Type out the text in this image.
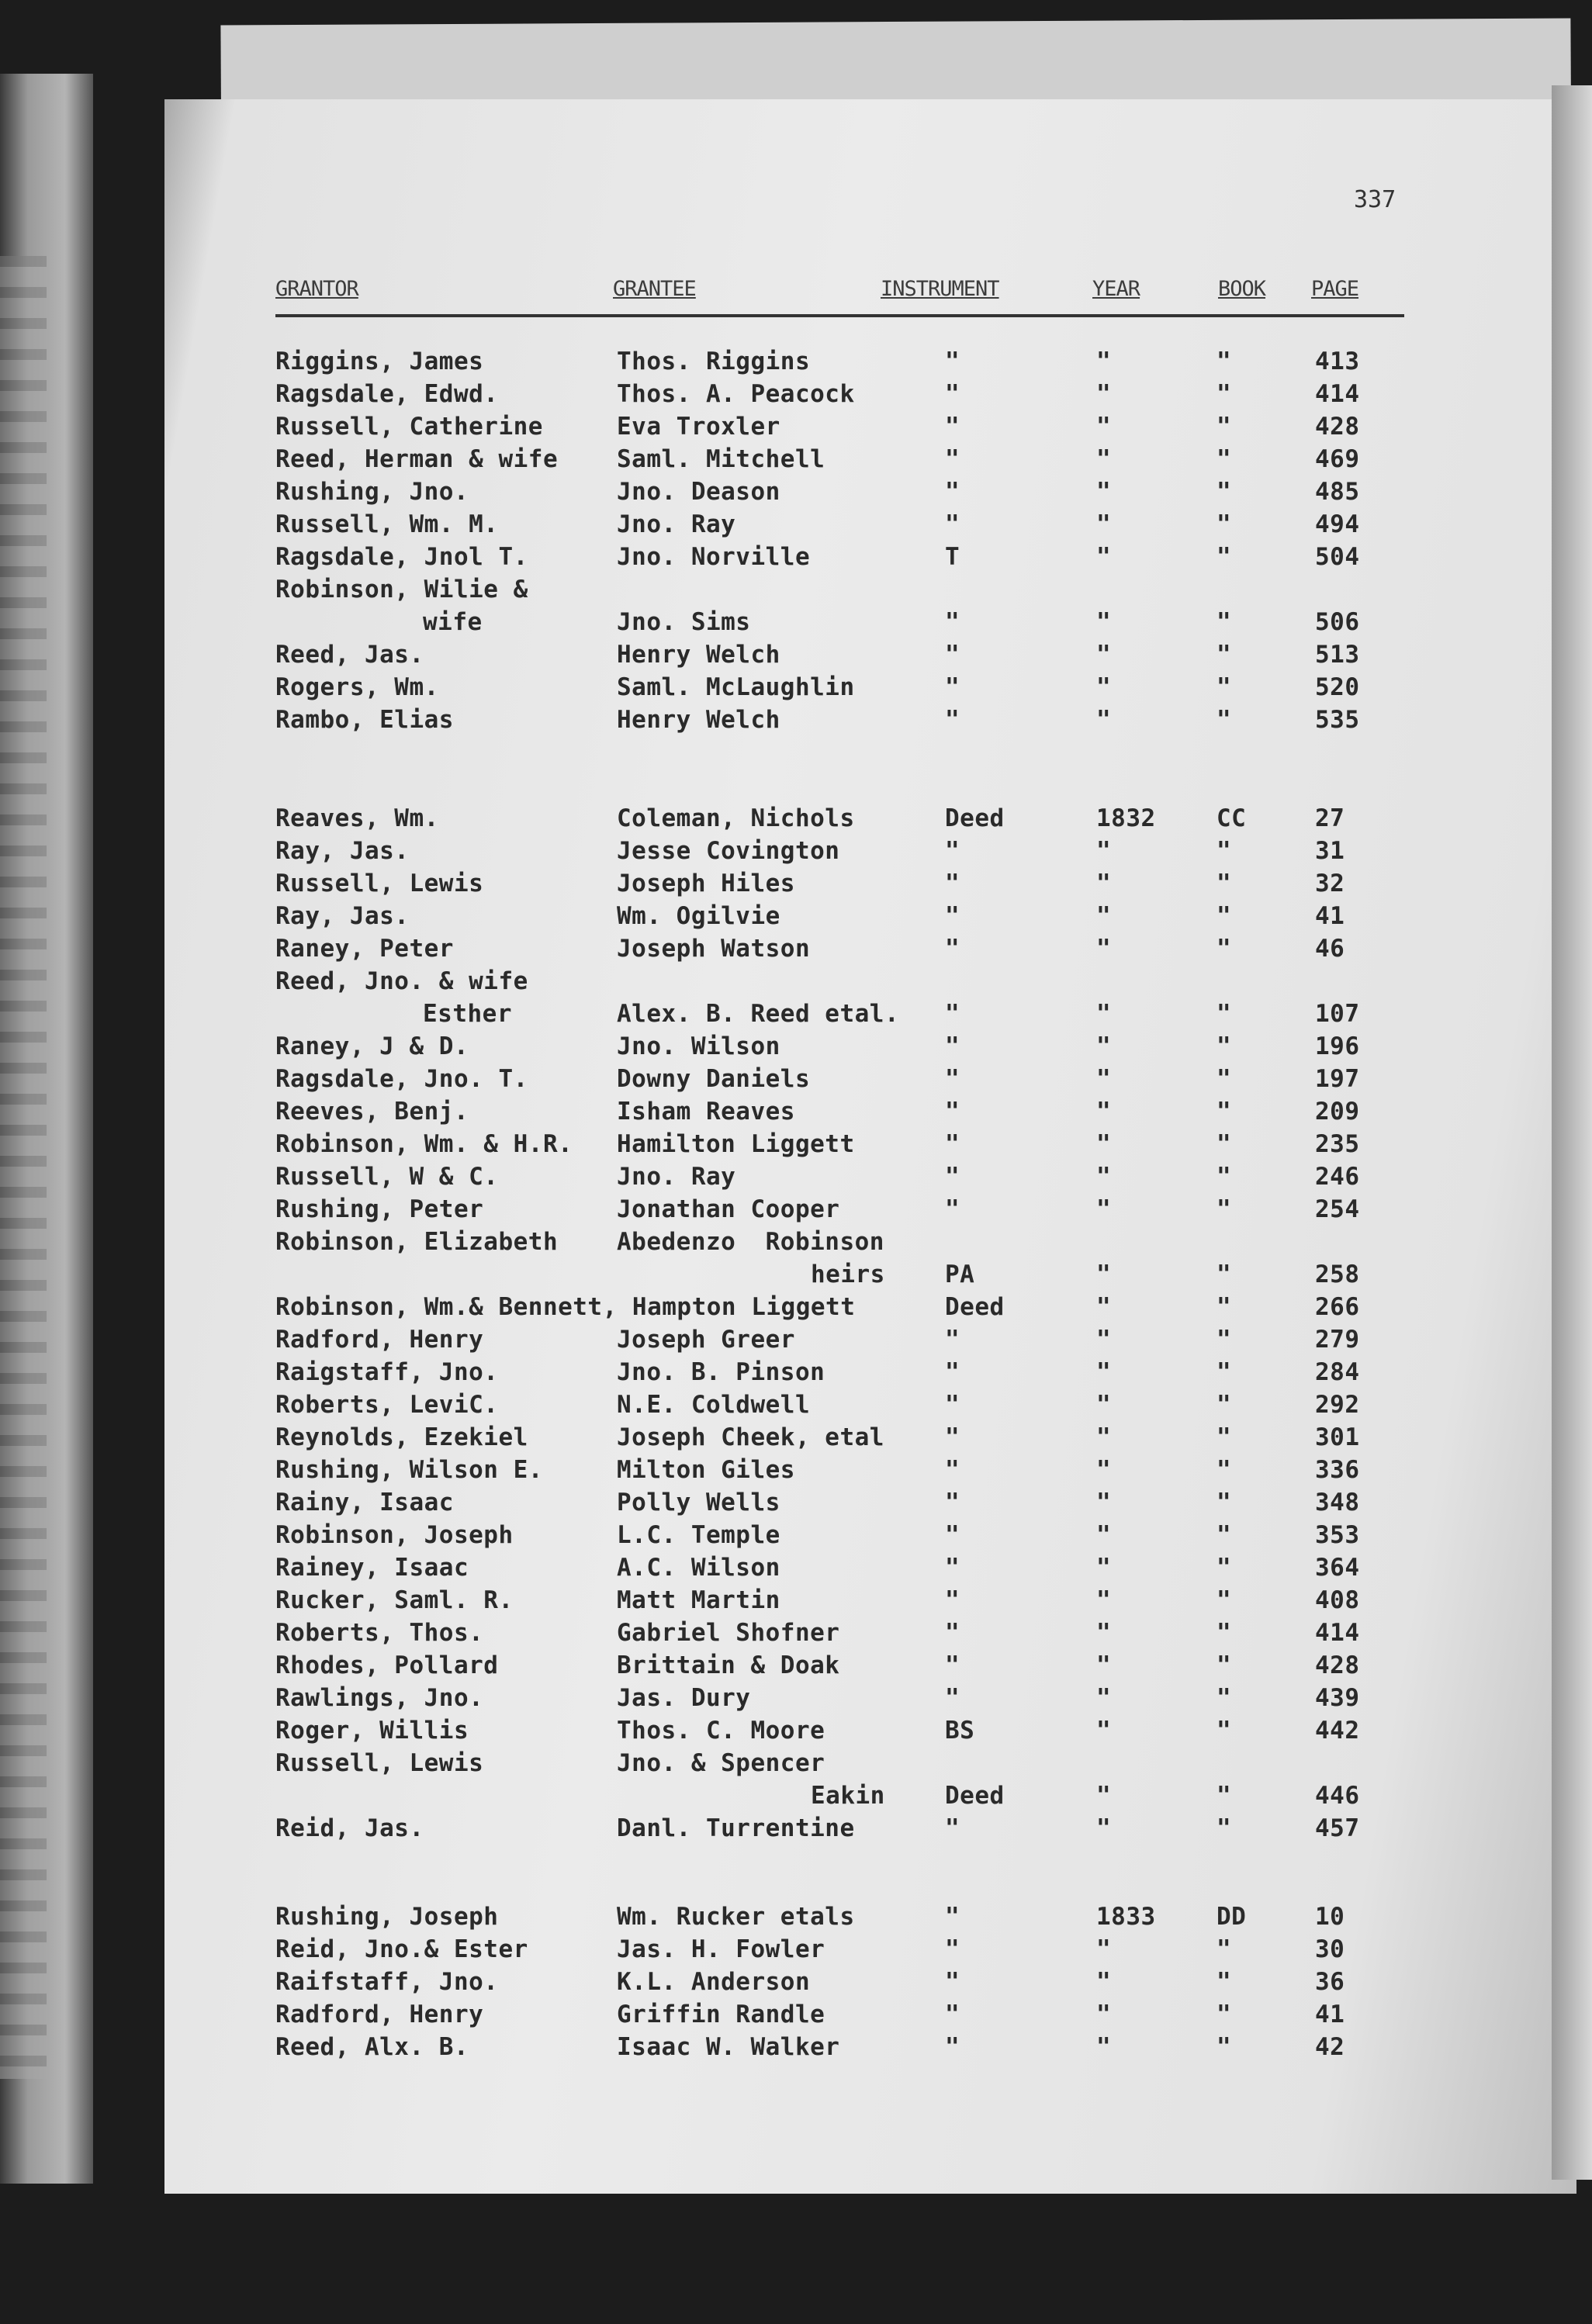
337
GRANTOR	GRANTEE	INSTRUMENT	YEAR	BOOK PAGE
Riggins, James	Thos. Riggins	"	"	"	413
Ragsdale, Edwd.	Thos. A. Peacock	"	"	"	414
Russell, Catherine	Eva Troxler	"	"	"	428
Reed, Herman & wife Saml. Mitchell	"	"	"	469
Rushing, Jno.	Jno. Deason	"	"	"	485
Russell, Wm. M.	Jno. Ray	"	"	"	494
Ragsdale, Jnol T.	Jno. Norville	T	"	"	504
Robinson, Wilie &
wife	Jno. Sims	"	"	"	506
Reed, Jas.	Henry Welch	"	"	"	513
Rogers, Wm.	Saml. McLaughlin	"	"	"	520
Rambo, Elias	Henry Welch	"	"	"	535
Reaves, Wm.	Coleman, Nichols	Deed	1832	CC	27
Ray, Jas.	Jesse Covington	"	"	"	31
Russell, Lewis	Joseph Hiles	"	"	"	32
Ray, Jas.	Wm. Ogilvie	"	"	"	41
Raney, Peter	Joseph Watson	"	"	"	46
Reed, Jno. & wife
Esther	Alex. B. Reed etal. "	"	"	107
Raney, J & D.	Jno. Wilson	"	"	"	196
Ragsdale, Jno. T.	Downy Daniels	"	"	"	197
Reeves, Benj.	Isham Reaves	"	"	"	209
Robinson, Wm. & H.R. Hamilton Liggett	"	"	"	235
Russell, W & C.	Jno. Ray	"	"	"	246
Rushing, Peter	Jonathan Cooper	"	"	"	254
Robinson, Elizabeth Abedenzo  Robinson
heirs PA	"	"	258
Robinson, Wm.& Bennett, Hampton Liggett	Deed	"	"	266
Radford, Henry	Joseph Greer	"	"	"	279
Raigstaff, Jno.	Jno. B. Pinson	"	"	"	284
Roberts, LeviC.	N.E. Coldwell	"	"	"	292
Reynolds, Ezekiel	Joseph Cheek, etal	"	"	"	301
Rushing, Wilson E.	Milton Giles	"	"	"	336
Rainy, Isaac	Polly Wells	"	"	"	348
Robinson, Joseph	L.C. Temple	"	"	"	353
Rainey, Isaac	A.C. Wilson	"	"	"	364
Rucker, Saml. R.	Matt Martin	"	"	"	408
Roberts, Thos.	Gabriel Shofner	"	"	"	414
Rhodes, Pollard	Brittain & Doak	"	"	"	428
Rawlings, Jno.	Jas. Dury	"	"	"	439
Roger, Willis	Thos. C. Moore	BS	"	"	442
Russell, Lewis	Jno. & Spencer
Eakin Deed	"	"	446
Reid, Jas.	Danl. Turrentine	"	"	"	457
Rushing, Joseph	Wm. Rucker etals	"	1833	DD	10
Reid, Jno.& Ester	Jas. H. Fowler	"	"	"	30
Raifstaff, Jno.	K.L. Anderson	"	"	"	36
Radford, Henry	Griffin Randle	"	"	"	41
Reed, Alx. B.	Isaac W. Walker	"	"	"	42
